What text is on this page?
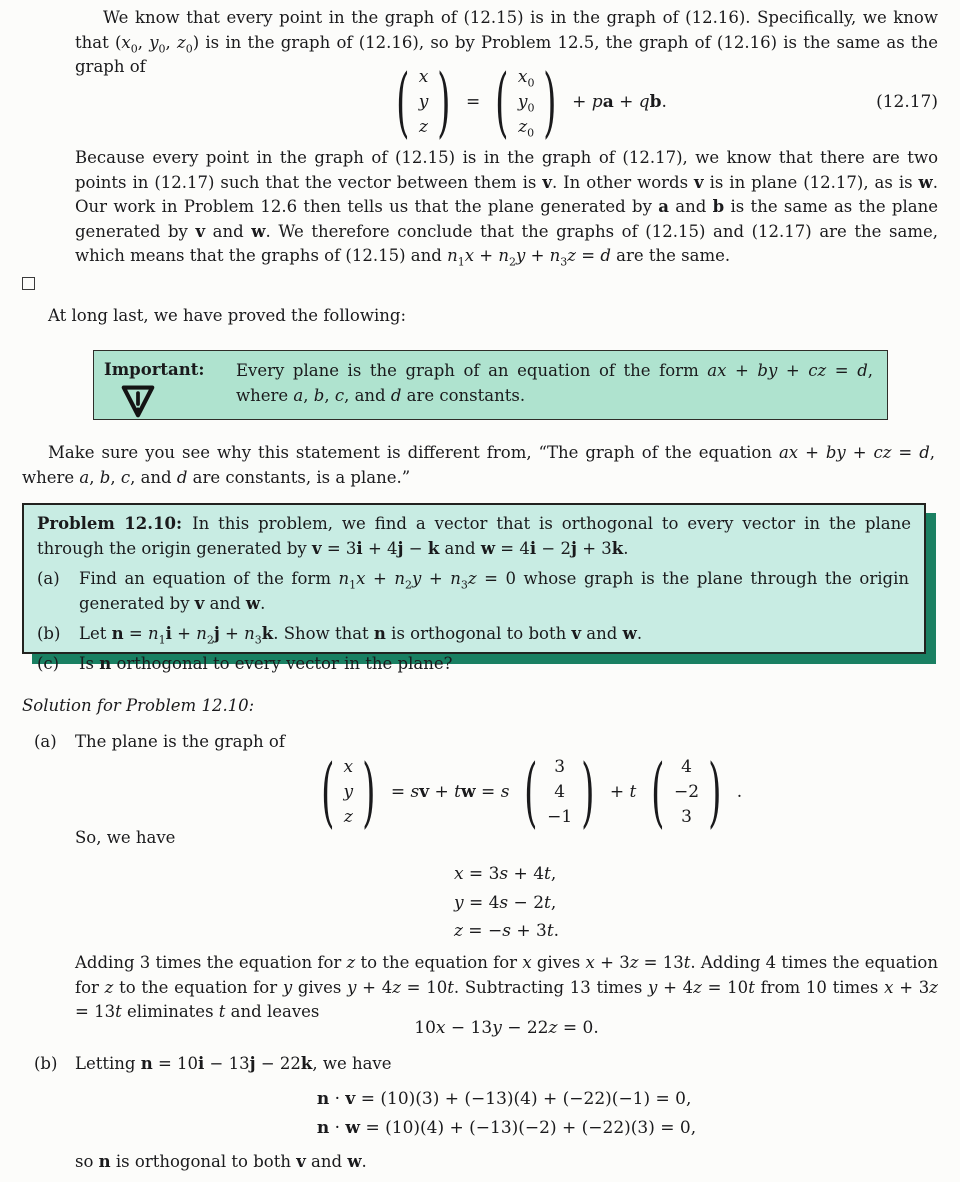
We know that every point in the graph of (12.15) is in the graph of (12.16). Specifically, we know that ($x_0$, $y_0$, $z_0$) is in the graph of (12.16), so by Problem 12.5, the graph of (12.16) is the same as the graph of	( x
y
z ) = ( $x_0$
$y_0$
$z_0$ ) + pa + qb.	(12.17)
Because every point in the graph of (12.15) is in the graph of (12.17), we know that there are two points in (12.17) such that the vector between them is v. In other words v is in plane (12.17), as is w. Our work in Problem 12.6 then tells us that the plane generated by a and b is the same as the plane generated by v and w. We therefore conclude that the graphs of (12.15) and (12.17) are the same, which means that the graphs of (12.15) and $n_1x + n_2y + n_3z = d$ are the same.
At long last, we have proved the following:
Important:	Every plane is the graph of an equation of the form ax + by + cz = d, where a, b, c, and d are constants.
Make sure you see why this statement is different from, “The graph of the equation ax + by + cz = d, where a, b, c, and d are constants, is a plane.”
Problem 12.10: In this problem, we find a vector that is orthogonal to every vector in the plane through the origin generated by v = 3i + 4j − k and w = 4i − 2j + 3k.
(a)	Find an equation of the form $n_1x + n_2y + n_3z = 0$ whose graph is the plane through the origin generated by v and w.
(b)	Let $n = n_1i + n_2j + n_3k$. Show that n is orthogonal to both v and w.
(c)	Is n orthogonal to every vector in the plane?
Solution for Problem 12.10:
(a)	The plane is the graph of
( x
y
z ) = sv + tw = s ( 3
4
−1 ) + t ( 4
−2
3 ) .
So, we have
x = 3s + 4t,
y = 4s − 2t,
z = −s + 3t.
Adding 3 times the equation for z to the equation for x gives x + 3z = 13t. Adding 4 times the equation for z to the equation for y gives y + 4z = 10t. Subtracting 13 times y + 4z = 10t from 10 times x + 3z = 13t eliminates t and leaves
10x − 13y − 22z = 0.
(b)	Letting n = 10i − 13j − 22k, we have
n · v = (10)(3) + (−13)(4) + (−22)(−1) = 0,
n · w = (10)(4) + (−13)(−2) + (−22)(3) = 0,
so n is orthogonal to both v and w.
